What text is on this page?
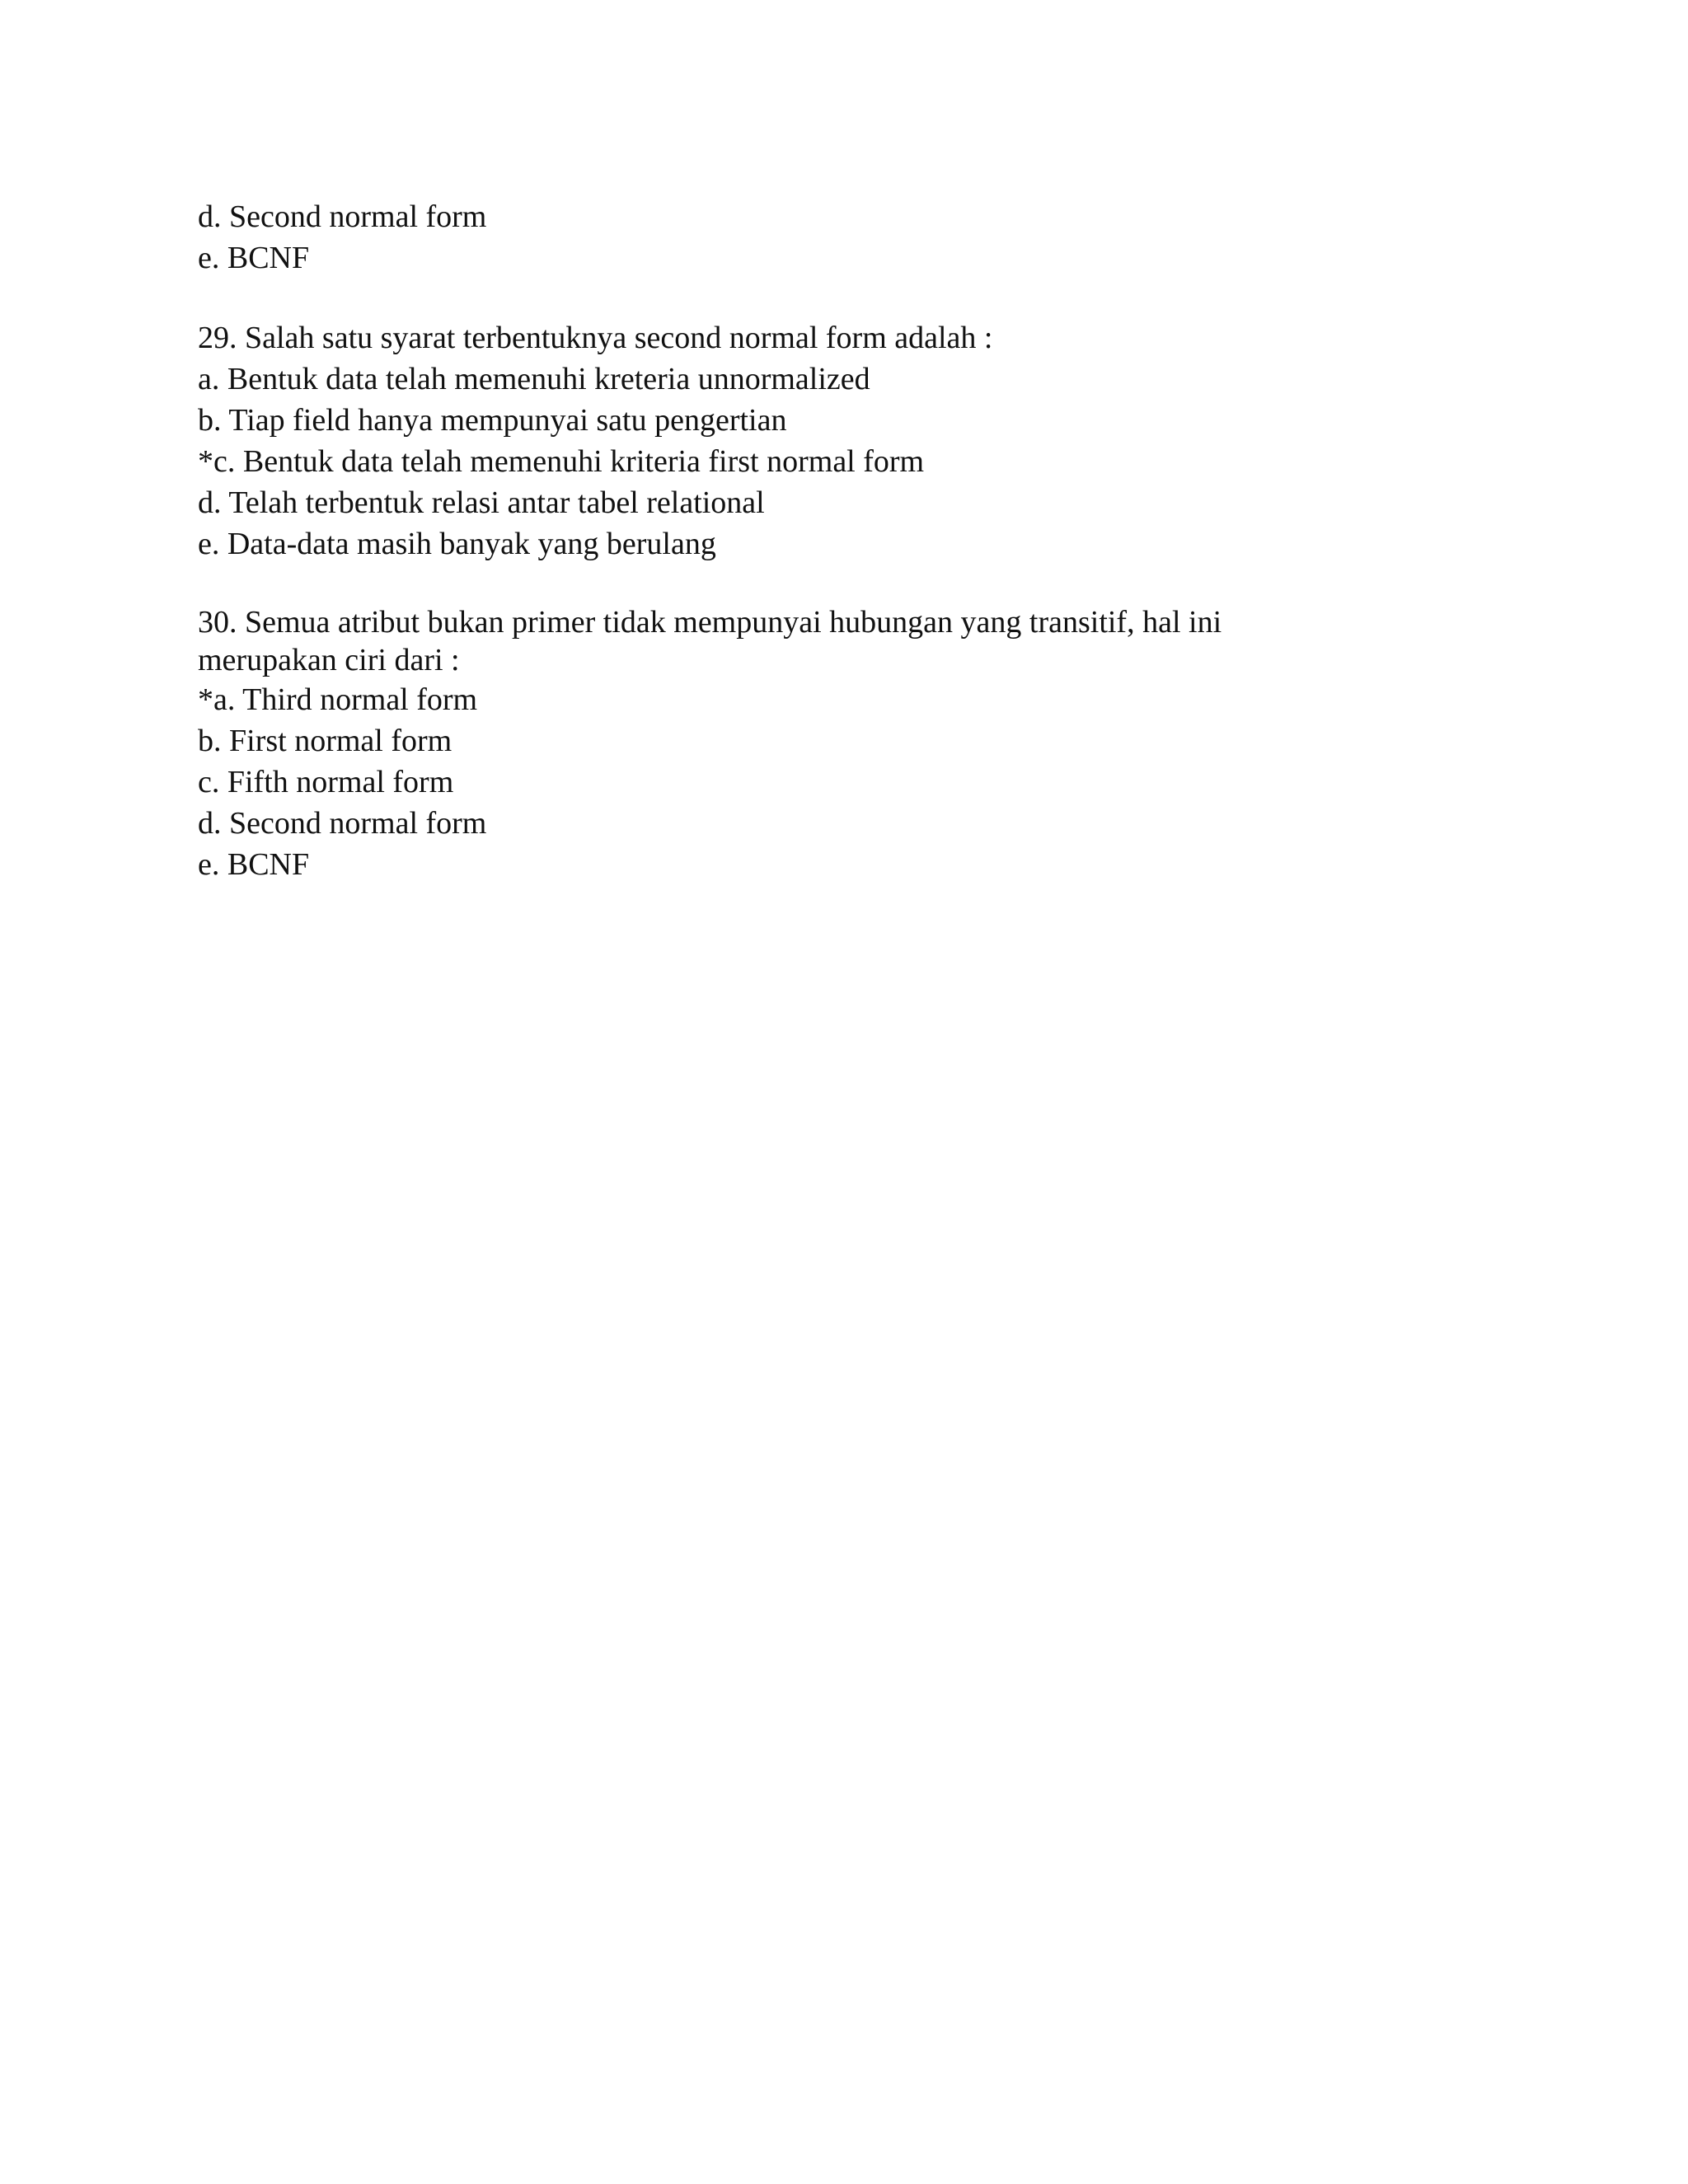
d. Second normal form
e. BCNF
29. Salah satu syarat terbentuknya second normal form adalah :
a. Bentuk data telah memenuhi kreteria unnormalized
b. Tiap field hanya mempunyai satu pengertian
*c. Bentuk data telah memenuhi kriteria first normal form
d. Telah terbentuk relasi antar tabel relational
e. Data-data masih banyak yang berulang
30. Semua atribut bukan primer tidak mempunyai hubungan yang transitif, hal ini merupakan ciri dari :
*a. Third normal form
b. First normal form
c. Fifth normal form
d. Second normal form
e. BCNF
